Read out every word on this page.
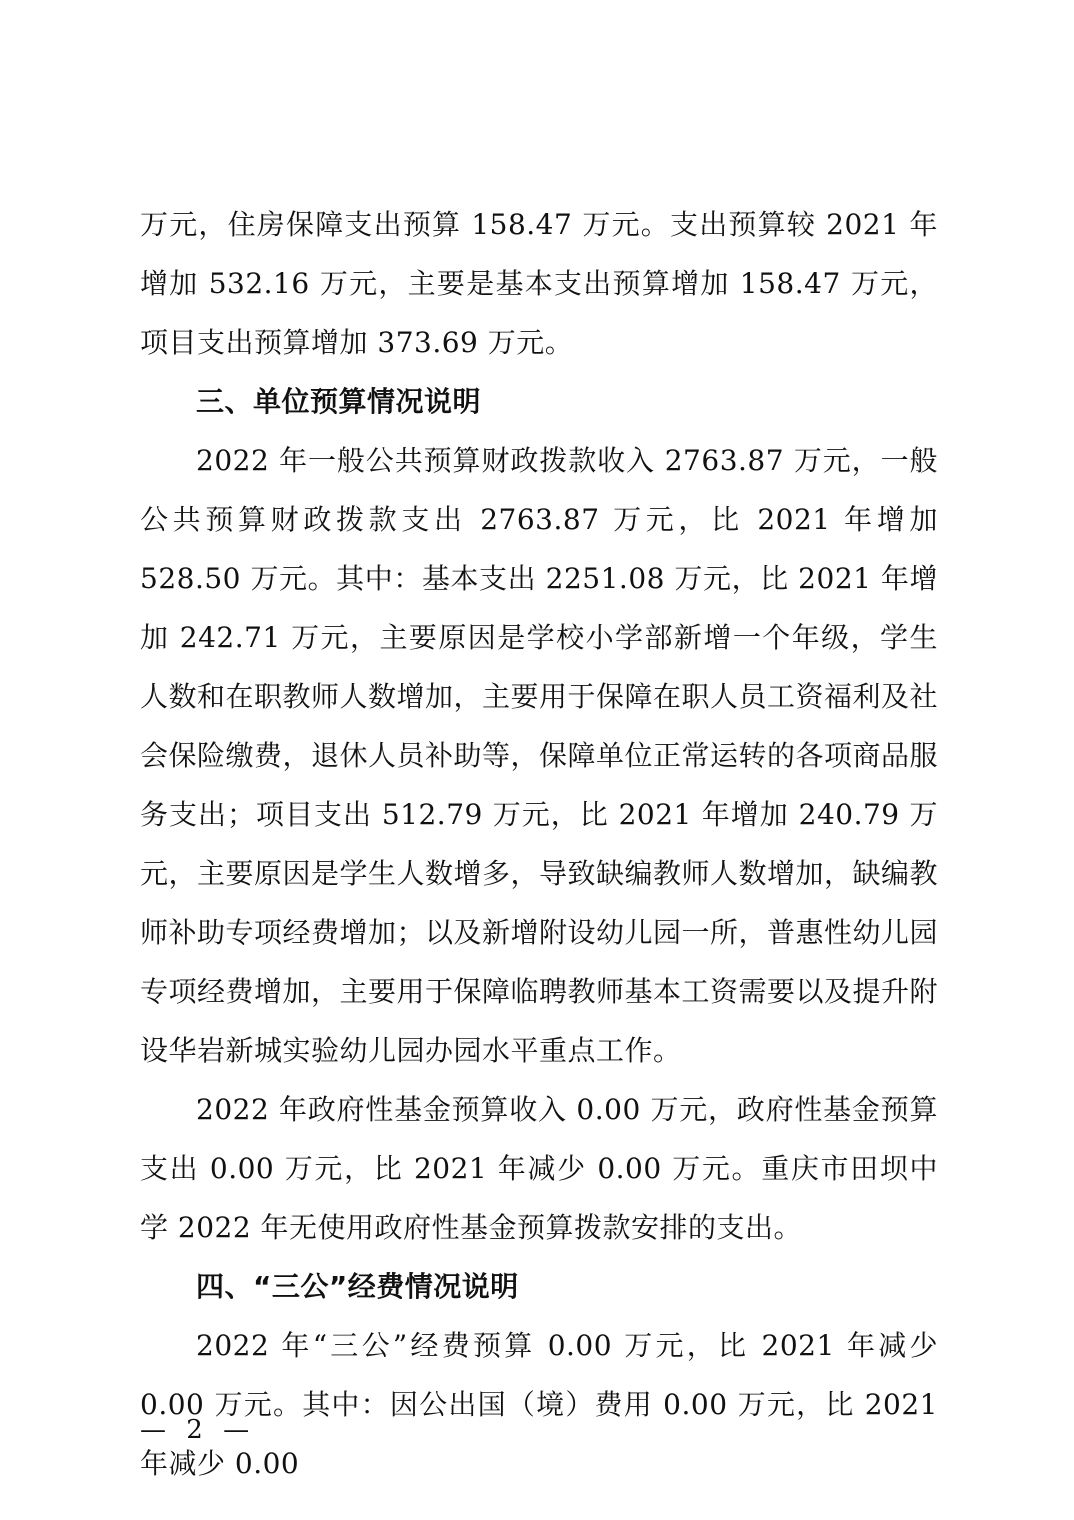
万元，住房保障支出预算 158.47 万元。支出预算较 2021 年增加 532.16 万元，主要是基本支出预算增加 158.47 万元，项目支出预算增加 373.69 万元。

三、单位预算情况说明

2022 年一般公共预算财政拨款收入 2763.87 万元，一般公共预算财政拨款支出 2763.87 万元，比 2021 年增加 528.50 万元。其中：基本支出 2251.08 万元，比 2021 年增加 242.71 万元，主要原因是学校小学部新增一个年级，学生人数和在职教师人数增加，主要用于保障在职人员工资福利及社会保险缴费，退休人员补助等，保障单位正常运转的各项商品服务支出；项目支出 512.79 万元，比 2021 年增加 240.79 万元，主要原因是学生人数增多，导致缺编教师人数增加，缺编教师补助专项经费增加；以及新增附设幼儿园一所，普惠性幼儿园专项经费增加，主要用于保障临聘教师基本工资需要以及提升附设华岩新城实验幼儿园办园水平重点工作。

2022 年政府性基金预算收入 0.00 万元，政府性基金预算支出 0.00 万元，比 2021 年减少 0.00 万元。重庆市田坝中学 2022 年无使用政府性基金预算拨款安排的支出。

四、“三公”经费情况说明

2022 年“三公”经费预算 0.00 万元，比 2021 年减少 0.00 万元。其中：因公出国（境）费用 0.00 万元，比 2021 年减少 0.00

— 2 —
